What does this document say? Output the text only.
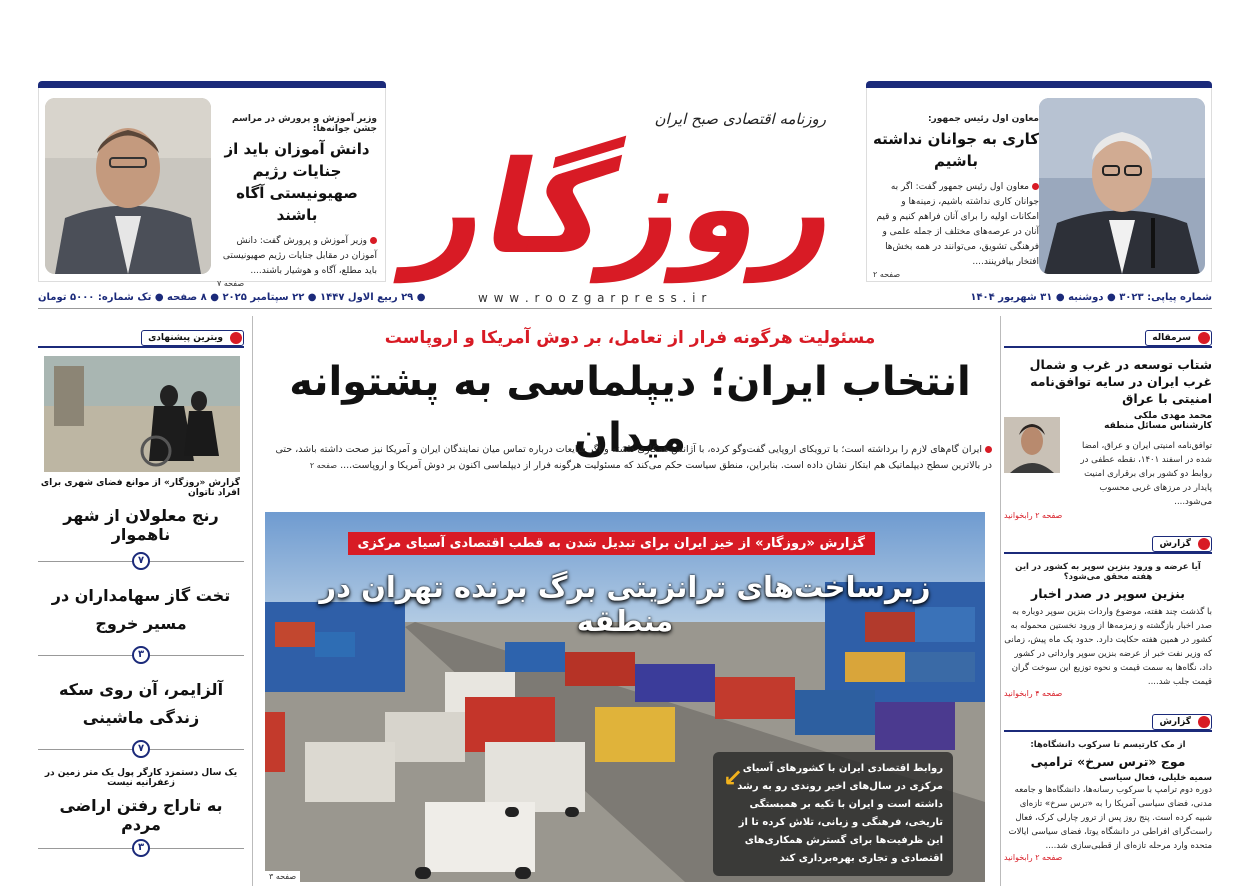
وزیر آموزش و پرورش در مراسم جشن جوانه‌ها:
دانش آموزان باید از جنایات رژیم صهیونیستی آگاه باشند
وزیر آموزش و پرورش گفت: دانش آموزان در مقابل جنایات رژیم صهیونیستی باید مطلع، آگاه و هوشیار باشند....
صفحه ۷
معاون اول رئیس جمهور:
کاری به جوانان نداشته باشیم
معاون اول رئیس جمهور گفت: اگر به جوانان کاری نداشته باشیم، زمینه‌ها و امکانات اولیه را برای آنان فراهم کنیم و قیم آنان در عرصه‌های مختلف از جمله علمی و فرهنگی تشویق، می‌توانند در همه بخش‌ها افتخار بیافرینند....
صفحه ۲
روزنامه اقتصادی صبح ایران
روزگار
شماره پیاپی: ۳۰۲۳ ● دوشنبه ● ۳۱ شهریور ۱۴۰۴
● ۲۹ ربیع الاول ۱۴۴۷ ● ۲۲ سپتامبر ۲۰۲۵ ● ۸ صفحه ● تک شماره: ۵۰۰۰ تومان	w w w . r o o z g a r p r e s s . i r
مسئولیت هرگونه فرار از تعامل، بر دوش آمریکا و اروپاست
انتخاب ایران؛ دیپلماسی به پشتوانه میدان
ایران گام‌های لازم را برداشته است؛ با ترویکای اروپایی گفت‌وگو کرده، با آژانس همکاری داشته و اگر شایعات درباره تماس میان نمایندگان ایران و آمریکا نیز صحت داشته باشد، حتی در بالاترین سطح دیپلماتیک هم ابتکار نشان داده است. بنابراین، منطق سیاست حکم می‌کند که مسئولیت هرگونه فرار از دیپلماسی اکنون بر دوش آمریکا و اروپاست.... صفحه ۲
گزارش «روزگار» از خیز ایران برای تبدیل شدن به قطب اقتصادی آسیای مرکزی
زیرساخت‌های ترانزیتی برگ برنده تهران در منطقه
روابط اقتصادی ایران با کشورهای آسیای مرکزی در سال‌های اخیر روندی رو به رشد داشته است و ایران با تکیه بر همبستگی تاریخی، فرهنگی و زبانی، تلاش کرده تا از این ظرفیت‌ها برای گسترش همکاری‌های اقتصادی و تجاری بهره‌برداری کند
↙
صفحه ۳
سرمقاله
شتاب توسعه در غرب و شمال غرب ایران در سایه توافق‌نامه امنیتی با عراق
محمد مهدی ملکی
کارشناس مسائل منطقه
توافق‌نامه امنیتی ایران و عراق، امضا شده در اسفند ۱۴۰۱، نقطه عطفی در روابط دو کشور برای برقراری امنیت پایدار در مرزهای غربی محسوب می‌شود....
صفحه ۲ رابخوانید
گزارش
آیا عرضه و ورود بنزین سوپر به کشور در این هفته محقق می‌شود؟
بنزین سوپر در صدر اخبار
با گذشت چند هفته، موضوع واردات بنزین سوپر دوباره به صدر اخبار بازگشته و زمزمه‌ها از ورود نخستین محموله به کشور در همین هفته حکایت دارد. حدود یک ماه پیش، زمانی که وزیر نفت خبر از عرضه بنزین سوپر وارداتی در کشور داد، نگاه‌ها به سمت قیمت و نحوه توزیع این سوخت گران قیمت جلب شد....
صفحه ۴ رابخوانید
گزارش
از مک کارتیسم تا سرکوب دانشگاه‌ها:
موج «ترس سرخ» ترامپی
سمیه خلیلی، فعال سیاسی
دوره دوم ترامپ با سرکوب رسانه‌ها، دانشگاه‌ها و جامعه مدنی، فضای سیاسی آمریکا را به «ترس سرخ» تازه‌ای شبیه کرده است. پنج روز پس از ترور چارلی کرک، فعال راست‌گرای افراطی در دانشگاه یوتا، فضای سیاسی ایالات متحده وارد مرحله تازه‌ای از قطبی‌سازی شد....
صفحه ۲ رابخوانید
ویترین پیشنهادی
گزارش «روزگار» از موانع فضای شهری برای افراد ناتوان
رنج معلولان از شهر ناهموار
۷
تخت گاز سهامداران در مسیر خروج
۳
آلزایمر، آن روی سکه زندگی ماشینی
۷
یک سال دستمزد کارگر پول یک متر زمین در زعفرانیه نیست
به تاراج رفتن اراضی مردم
۳
